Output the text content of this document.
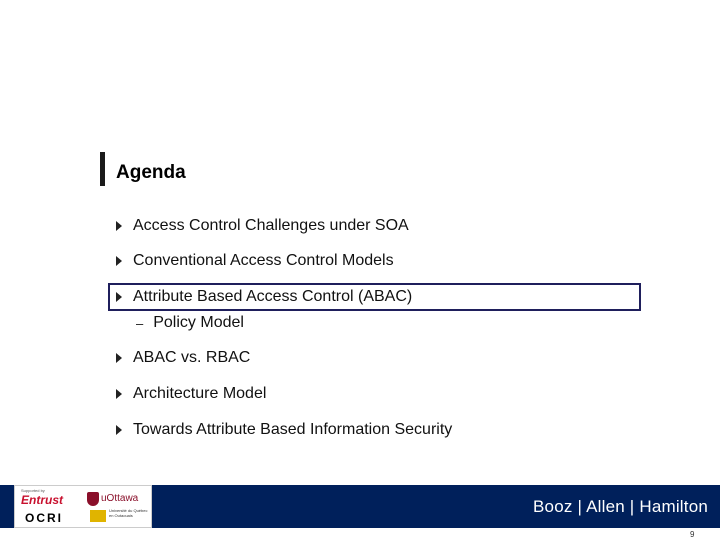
Agenda
Access Control Challenges under SOA
Conventional Access Control Models
Attribute Based Access Control (ABAC)
– Policy Model
ABAC vs. RBAC
Architecture Model
Towards Attribute Based Information Security
Supported by
Entrust
OCRI
uOttawa
Université du Québec en Outaouais	Booz | Allen | Hamilton
9
